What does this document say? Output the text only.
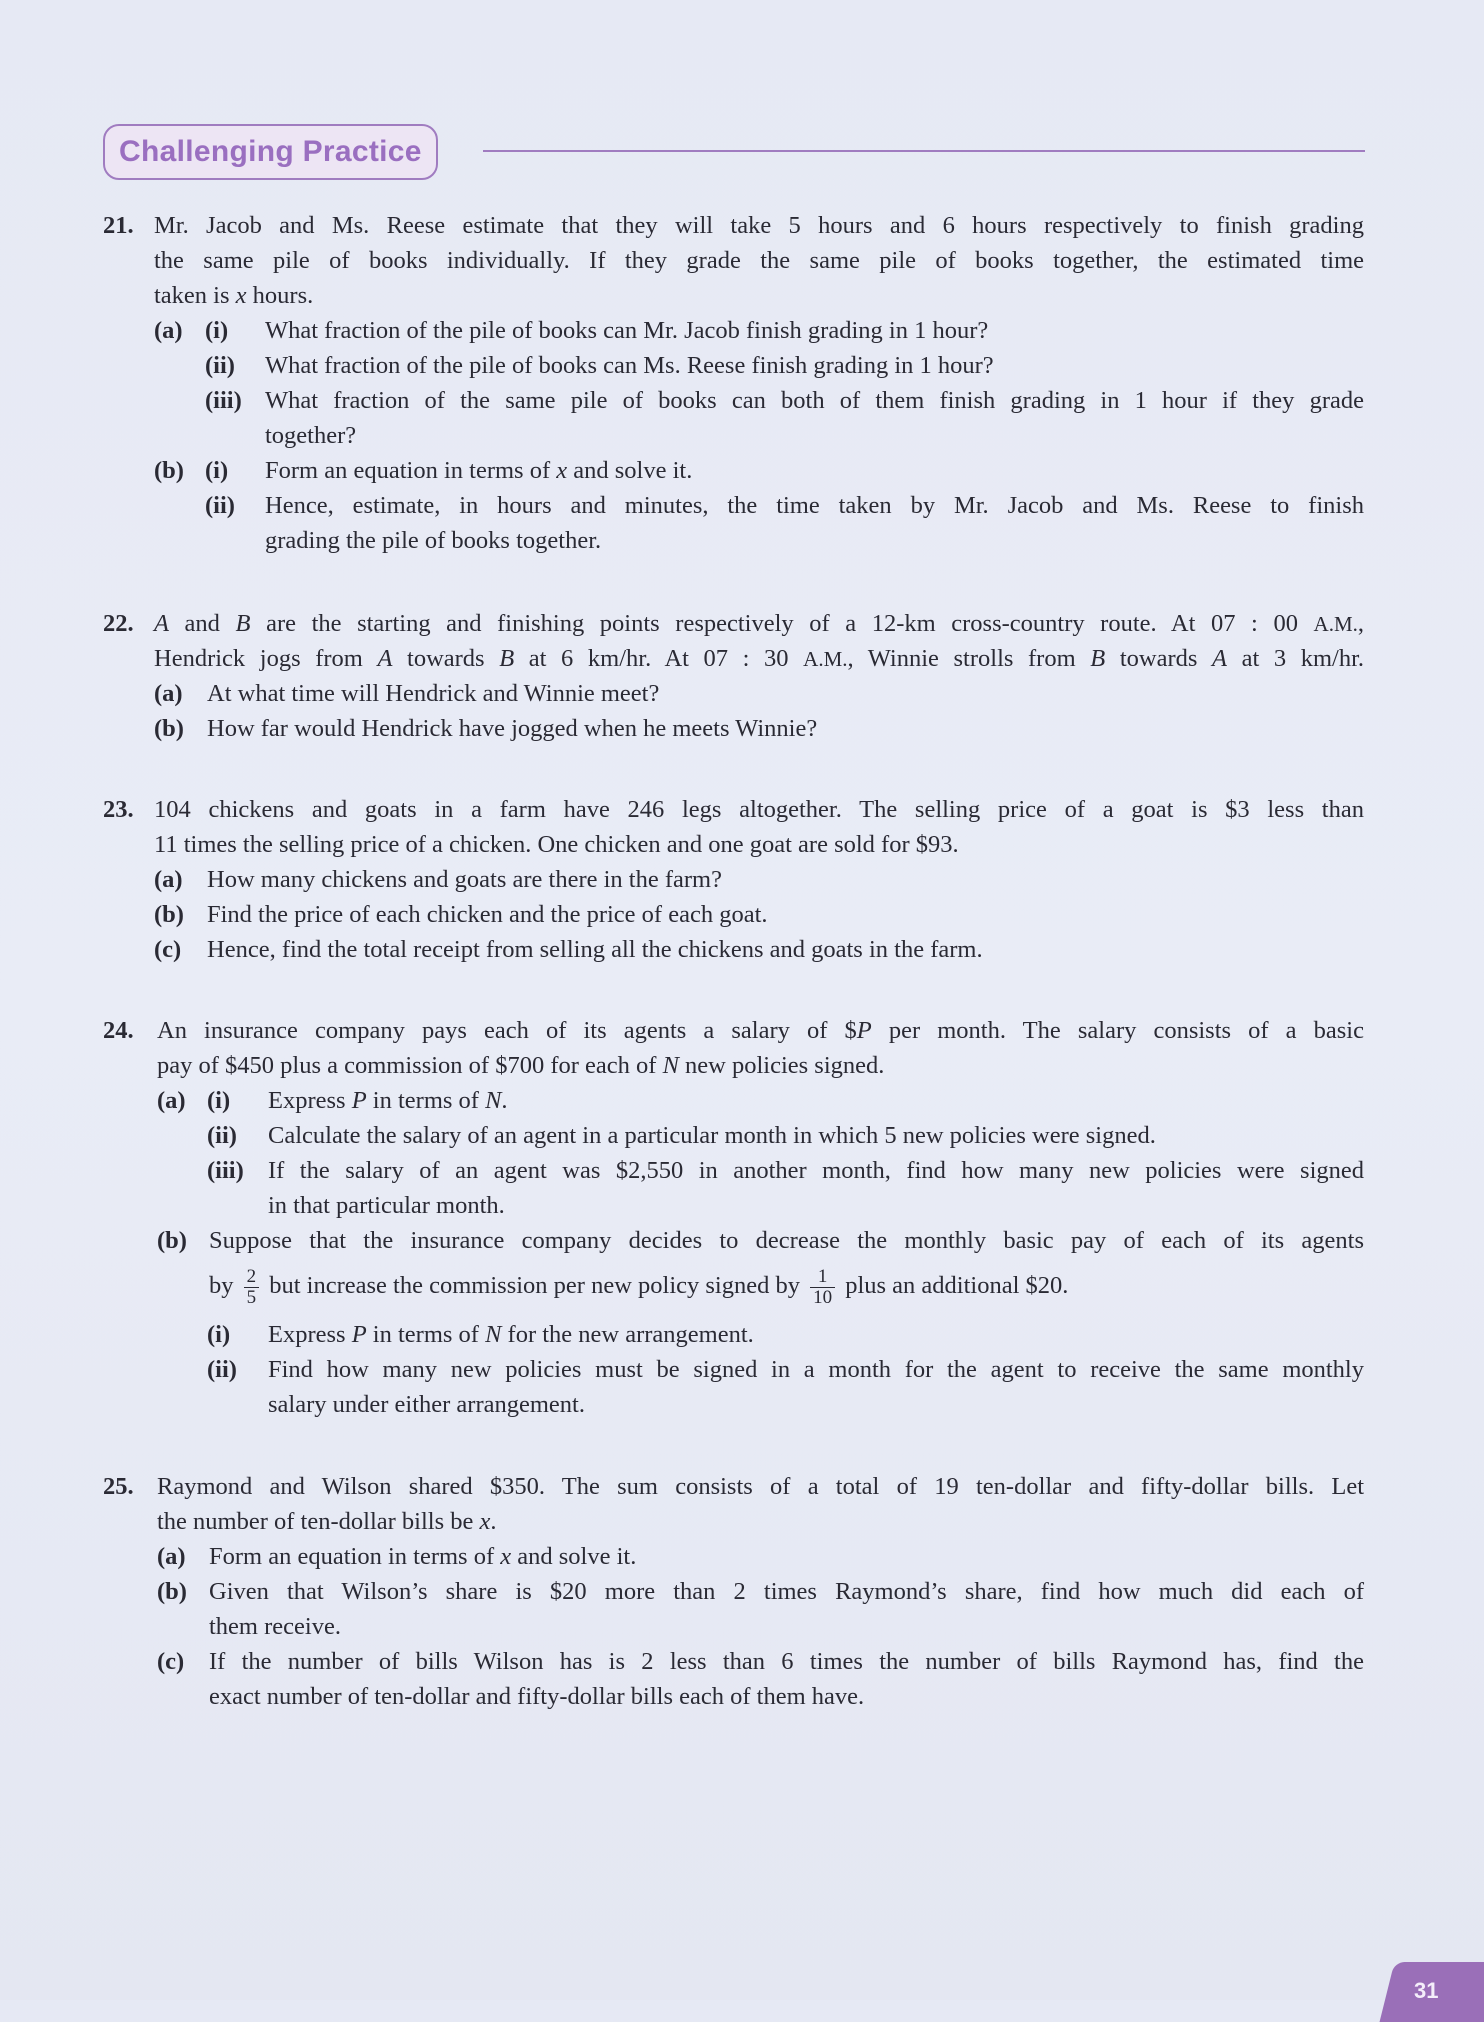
Challenging Practice
21. Mr. Jacob and Ms. Reese estimate that they will take 5 hours and 6 hours respectively to finish grading
the same pile of books individually. If they grade the same pile of books together, the estimated time
taken is x hours.
(a) (i) What fraction of the pile of books can Mr. Jacob finish grading in 1 hour?
(ii) What fraction of the pile of books can Ms. Reese finish grading in 1 hour?
(iii) What fraction of the same pile of books can both of them finish grading in 1 hour if they grade
together?
(b) (i) Form an equation in terms of x and solve it.
(ii) Hence, estimate, in hours and minutes, the time taken by Mr. Jacob and Ms. Reese to finish
grading the pile of books together.
22. A and B are the starting and finishing points respectively of a 12-km cross-country route. At 07 : 00 A.M.,
Hendrick jogs from A towards B at 6 km/hr. At 07 : 30 A.M., Winnie strolls from B towards A at 3 km/hr.
(a) At what time will Hendrick and Winnie meet?
(b) How far would Hendrick have jogged when he meets Winnie?
23. 104 chickens and goats in a farm have 246 legs altogether. The selling price of a goat is $3 less than
11 times the selling price of a chicken. One chicken and one goat are sold for $93.
(a) How many chickens and goats are there in the farm?
(b) Find the price of each chicken and the price of each goat.
(c) Hence, find the total receipt from selling all the chickens and goats in the farm.
24. An insurance company pays each of its agents a salary of $P per month. The salary consists of a basic
pay of $450 plus a commission of $700 for each of N new policies signed.
(a) (i) Express P in terms of N.
(ii) Calculate the salary of an agent in a particular month in which 5 new policies were signed.
(iii) If the salary of an agent was $2,550 in another month, find how many new policies were signed
in that particular month.
(b) Suppose that the insurance company decides to decrease the monthly basic pay of each of its agents
by $\frac{2}{5}$ but increase the commission per new policy signed by $\frac{1}{10}$ plus an additional $20.
(i) Express P in terms of N for the new arrangement.
(ii) Find how many new policies must be signed in a month for the agent to receive the same monthly
salary under either arrangement.
25. Raymond and Wilson shared $350. The sum consists of a total of 19 ten-dollar and fifty-dollar bills. Let
the number of ten-dollar bills be x.
(a) Form an equation in terms of x and solve it.
(b) Given that Wilson’s share is $20 more than 2 times Raymond’s share, find how much did each of
them receive.
(c) If the number of bills Wilson has is 2 less than 6 times the number of bills Raymond has, find the
exact number of ten-dollar and fifty-dollar bills each of them have.
31
